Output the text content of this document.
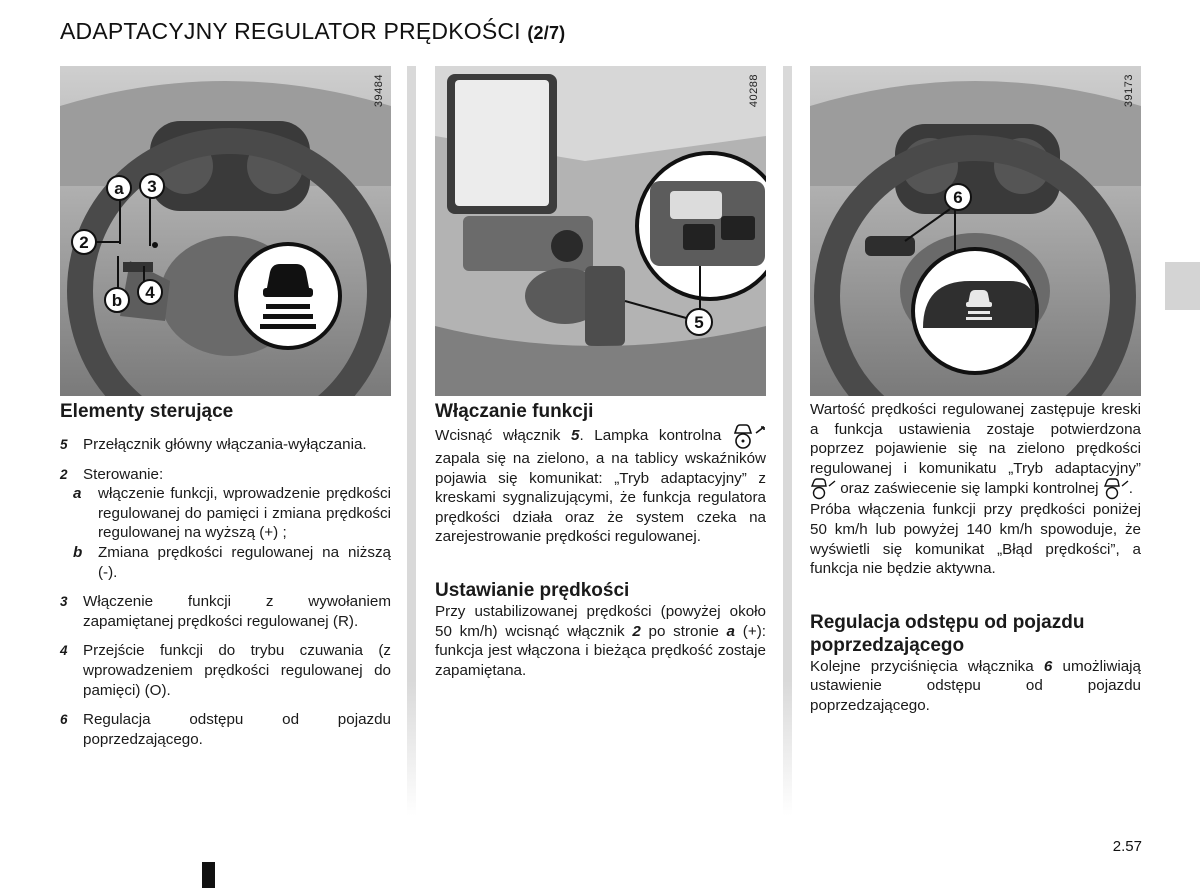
ADAPTACYJNY REGULATOR PRĘDKOŚCI (2/7)
a 3
2
4
b
39484
5
40288
6
39173
Elementy sterujące
5	Przełącznik główny włączania-wyłączania.
2	Sterowanie:
a	włączenie funkcji, wprowadzenie prędkości regulowanej do pamięci i zmiana prędkości regulowanej na wyższą (+) ;
b	Zmiana prędkości regulowanej na niższą (-).
3	Włączenie funkcji z wywołaniem zapamiętanej prędkości regulowanej (R).
4	Przejście funkcji do trybu czuwania (z wprowadzeniem prędkości regulowanej do pamięci) (O).
6	Regulacja odstępu od pojazdu poprzedzającego.
Włączanie funkcji

Wcisnąć włącznik 5. Lampka kontrolna  zapala się na zielono, a na tablicy wskaźników pojawia się komunikat: „Tryb adaptacyjny” z kreskami sygnalizującymi, że funkcja regulatora prędkości działa oraz że system czeka na zarejestrowanie prędkości regulowanej.

Ustawianie prędkości

Przy ustabilizowanej prędkości (powyżej około 50 km/h) wcisnąć włącznik 2 po stronie a (+): funkcja jest włączona i bieżąca prędkość zostaje zapamiętana.

Wartość prędkości regulowanej zastępuje kreski a funkcja ustawienia zostaje potwierdzona poprzez pojawienie się na zielono prędkości regulowanej i komunikatu „Tryb adaptacyjny”  oraz zaświecenie się lampki kontrolnej .

Próba włączenia funkcji przy prędkości poniżej 50 km/h lub powyżej 140 km/h spowoduje, że wyświetli się komunikat „Błąd prędkości”, a funkcja nie będzie aktywna.

Regulacja odstępu od pojazdu poprzedzającego

Kolejne przyciśnięcia włącznika 6 umożliwiają ustawienie odstępu od pojazdu poprzedzającego.

2.57
